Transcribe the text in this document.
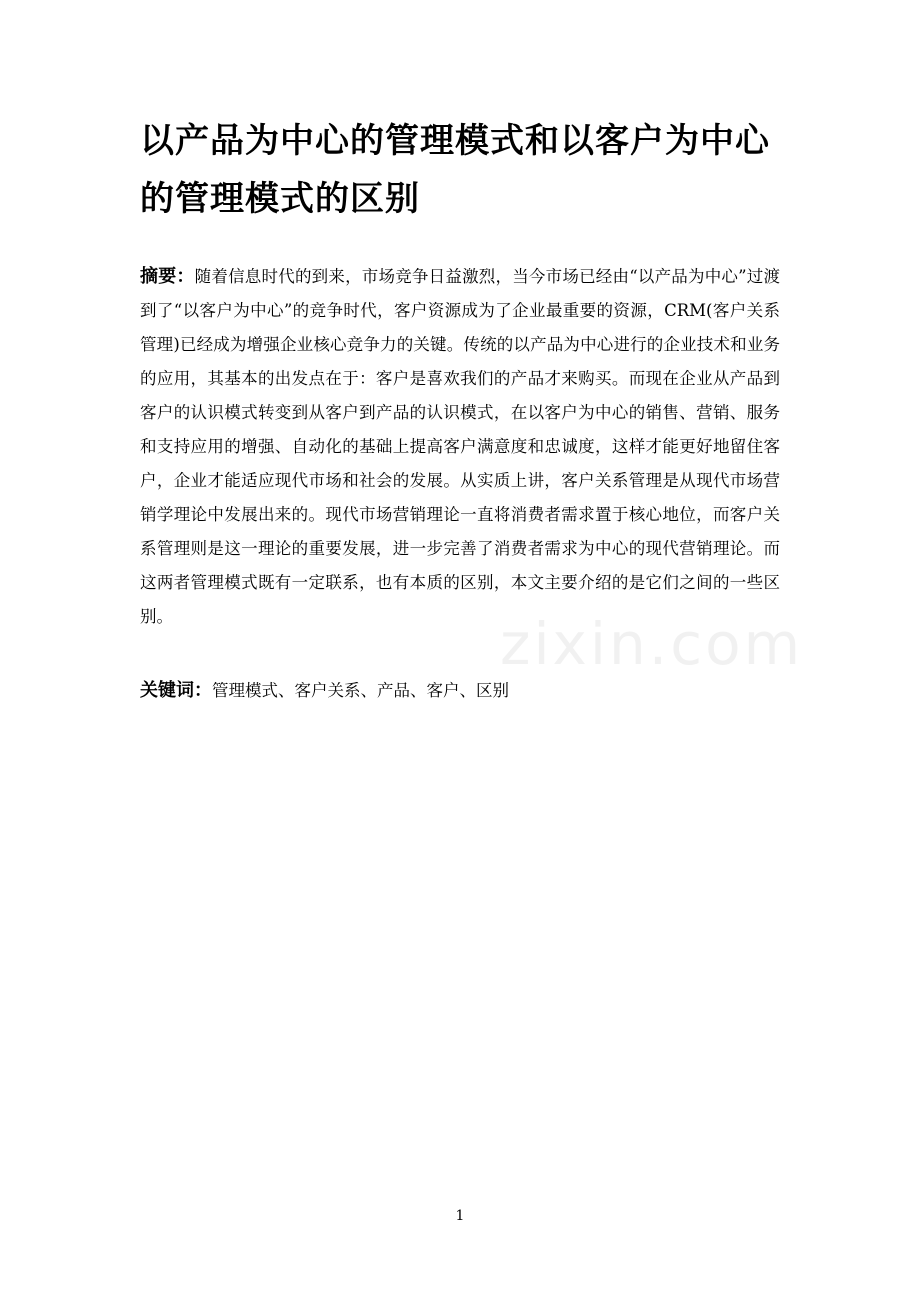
以产品为中心的管理模式和以客户为中心的管理模式的区别

摘要：随着信息时代的到来，市场竞争日益激烈，当今市场已经由“以产品为中心”过渡到了“以客户为中心”的竞争时代，客户资源成为了企业最重要的资源，CRM(客户关系管理)已经成为增强企业核心竞争力的关键。传统的以产品为中心进行的企业技术和业务的应用，其基本的出发点在于：客户是喜欢我们的产品才来购买。而现在企业从产品到客户的认识模式转变到从客户到产品的认识模式，在以客户为中心的销售、营销、服务和支持应用的增强、自动化的基础上提高客户满意度和忠诚度，这样才能更好地留住客户，企业才能适应现代市场和社会的发展。从实质上讲，客户关系管理是从现代市场营销学理论中发展出来的。现代市场营销理论一直将消费者需求置于核心地位，而客户关系管理则是这一理论的重要发展，进一步完善了消费者需求为中心的现代营销理论。而这两者管理模式既有一定联系，也有本质的区别，本文主要介绍的是它们之间的一些区别。

关键词：管理模式、客户关系、产品、客户、区别

zixin.com
1
